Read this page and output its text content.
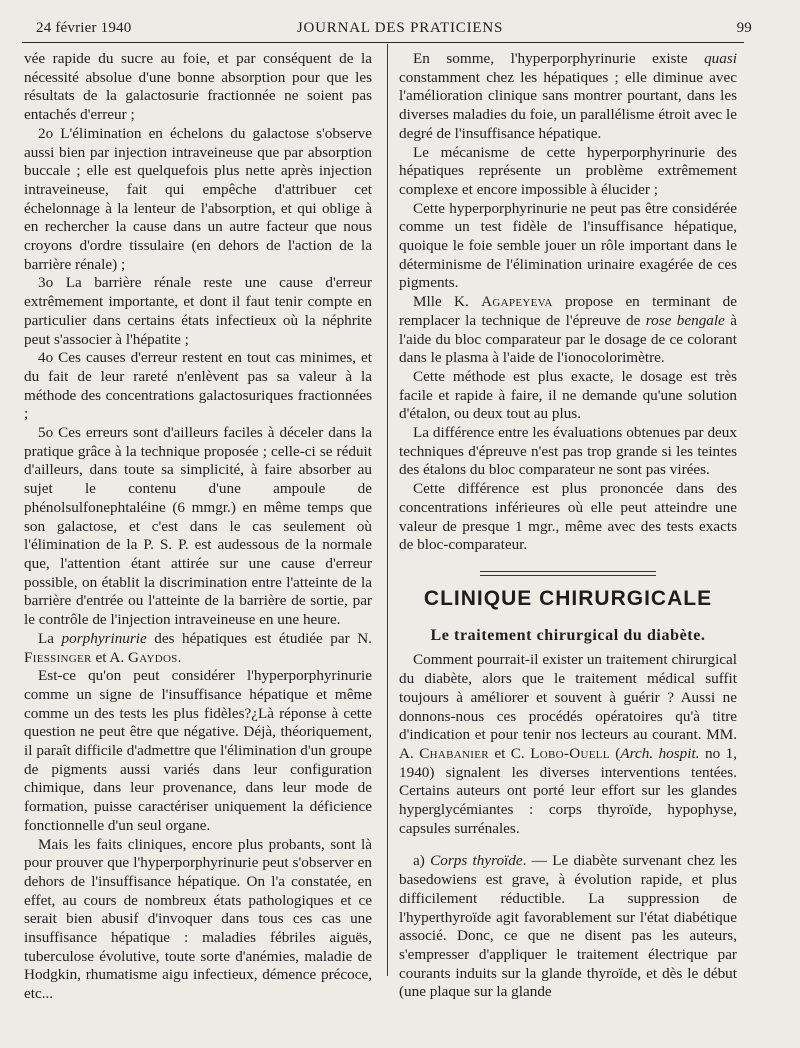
24 février 1940	JOURNAL DES PRATICIENS	99

vée rapide du sucre au foie, et par conséquent de la nécessité absolue d'une bonne absorption pour que les résultats de la galactosurie fractionnée ne soient pas entachés d'erreur ;

2o L'élimination en échelons du galactose s'observe aussi bien par injection intraveineuse que par absorption buccale ; elle est quelquefois plus nette après injection intraveineuse, fait qui empêche d'attribuer cet échelonnage à la lenteur de l'absorption, et qui oblige à en rechercher la cause dans un autre facteur que nous croyons d'ordre tissulaire (en dehors de l'action de la barrière rénale) ;

3o La barrière rénale reste une cause d'erreur extrêmement importante, et dont il faut tenir compte en particulier dans certains états infectieux où la néphrite peut s'associer à l'hépatite ;

4o Ces causes d'erreur restent en tout cas minimes, et du fait de leur rareté n'enlèvent pas sa valeur à la méthode des concentrations galactosuriques fractionnées ;

5o Ces erreurs sont d'ailleurs faciles à déceler dans la pratique grâce à la technique proposée ; celle-ci se réduit d'ailleurs, dans toute sa simplicité, à faire absorber au sujet le contenu d'une ampoule de phénolsulfonephtaléine (6 mmgr.) en même temps que son galactose, et c'est dans le cas seulement où l'élimination de la P. S. P. est audessous de la normale que, l'attention étant attirée sur une cause d'erreur possible, on établit la discrimination entre l'atteinte de la barrière d'entrée ou l'atteinte de la barrière de sortie, par le contrôle de l'injection intraveineuse en une heure.

La porphyrinurie des hépatiques est étudiée par N. Fiessinger et A. Gaydos.

Est-ce qu'on peut considérer l'hyperporphyrinurie comme un signe de l'insuffisance hépatique et même comme un des tests les plus fidèles?¿Là réponse à cette question ne peut être que négative. Déjà, théoriquement, il paraît difficile d'admettre que l'élimination d'un groupe de pigments aussi variés dans leur configuration chimique, dans leur provenance, dans leur mode de formation, puisse caractériser uniquement la déficience fonctionnelle d'un seul organe.

Mais les faits cliniques, encore plus probants, sont là pour prouver que l'hyperporphyrinurie peut s'observer en dehors de l'insuffisance hépatique. On l'a constatée, en effet, au cours de nombreux états pathologiques et ce serait bien abusif d'invoquer dans tous ces cas une insuffisance hépatique : maladies fébriles aiguës, tuberculose évolutive, toute sorte d'anémies, maladie de Hodgkin, rhumatisme aigu infectieux, démence précoce, etc...

En somme, l'hyperporphyrinurie existe quasi constamment chez les hépatiques ; elle diminue avec l'amélioration clinique sans montrer pourtant, dans les diverses maladies du foie, un parallélisme étroit avec le degré de l'insuffisance hépatique.

Le mécanisme de cette hyperporphyrinurie des hépatiques représente un problème extrêmement complexe et encore impossible à élucider ;

Cette hyperporphyrinurie ne peut pas être considérée comme un test fidèle de l'insuffisance hépatique, quoique le foie semble jouer un rôle important dans le déterminisme de l'élimination urinaire exagérée de ces pigments.

Mlle K. Agapeyeva propose en terminant de remplacer la technique de l'épreuve de rose bengale à l'aide du bloc comparateur par le dosage de ce colorant dans le plasma à l'aide de l'ionocolorimètre.

Cette méthode est plus exacte, le dosage est très facile et rapide à faire, il ne demande qu'une solution d'étalon, ou deux tout au plus.

La différence entre les évaluations obtenues par deux techniques d'épreuve n'est pas trop grande si les teintes des étalons du bloc comparateur ne sont pas virées.

Cette différence est plus prononcée dans des concentrations inférieures où elle peut atteindre une valeur de presque 1 mgr., même avec des tests exacts de bloc-comparateur.

CLINIQUE CHIRURGICALE
Le traitement chirurgical du diabète.

Comment pourrait-il exister un traitement chirurgical du diabète, alors que le traitement médical suffit toujours à améliorer et souvent à guérir ? Aussi ne donnons-nous ces procédés opératoires qu'à titre d'indication et pour tenir nos lecteurs au courant. MM. A. Chabanier et C. Lobo-Ouell (Arch. hospit. no 1, 1940) signalent les diverses interventions tentées. Certains auteurs ont porté leur effort sur les glandes hyperglycémiantes : corps thyroïde, hypophyse, capsules surrénales.

a) Corps thyroïde. — Le diabète survenant chez les basedowiens est grave, à évolution rapide, et plus difficilement réductible. La suppression de l'hyperthyroïde agit favorablement sur l'état diabétique associé. Donc, ce que ne disent pas les auteurs, s'empresser d'appliquer le traitement électrique par courants induits sur la glande thyroïde, et dès le début (une plaque sur la glande
